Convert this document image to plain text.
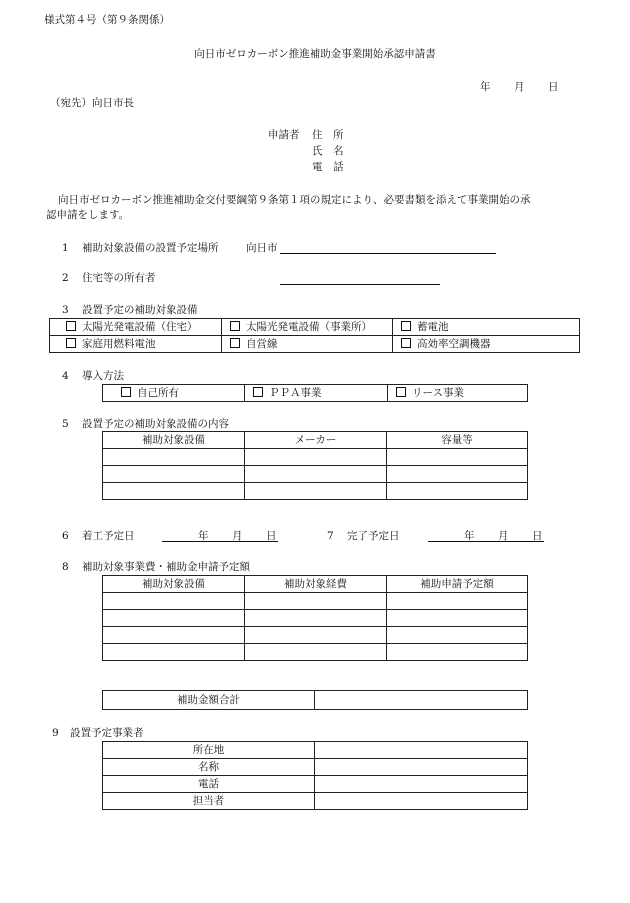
様式第４号（第９条関係）
向日市ゼロカーボン推進補助金事業開始承認申請書
年 月 日
（宛先）向日市長
申請者 住　所
氏　名
電　話
向日市ゼロカーボン推進補助金交付要綱第９条第１項の規定により、必要書類を添えて事業開始の承
認申請をします。
1 補助対象設備の設置予定場所	向日市
2 住宅等の所有者
3 設置予定の補助対象設備
太陽光発電設備（住宅）	太陽光発電設備（事業所）	蓄電池
家庭用燃料電池	自営線	高効率空調機器
4 導入方法
自己所有	ＰＰＡ事業	リース事業
5 設置予定の補助対象設備の内容
補助対象設備	メーカー	容量等

6 着工予定日	年 月 日	7 完了予定日	年 月 日
8 補助対象事業費・補助金申請予定額
補助対象設備	補助対象経費	補助申請予定額

補助金額合計	
9 設置予定事業者
所在地	
名称	
電話	
担当者	
